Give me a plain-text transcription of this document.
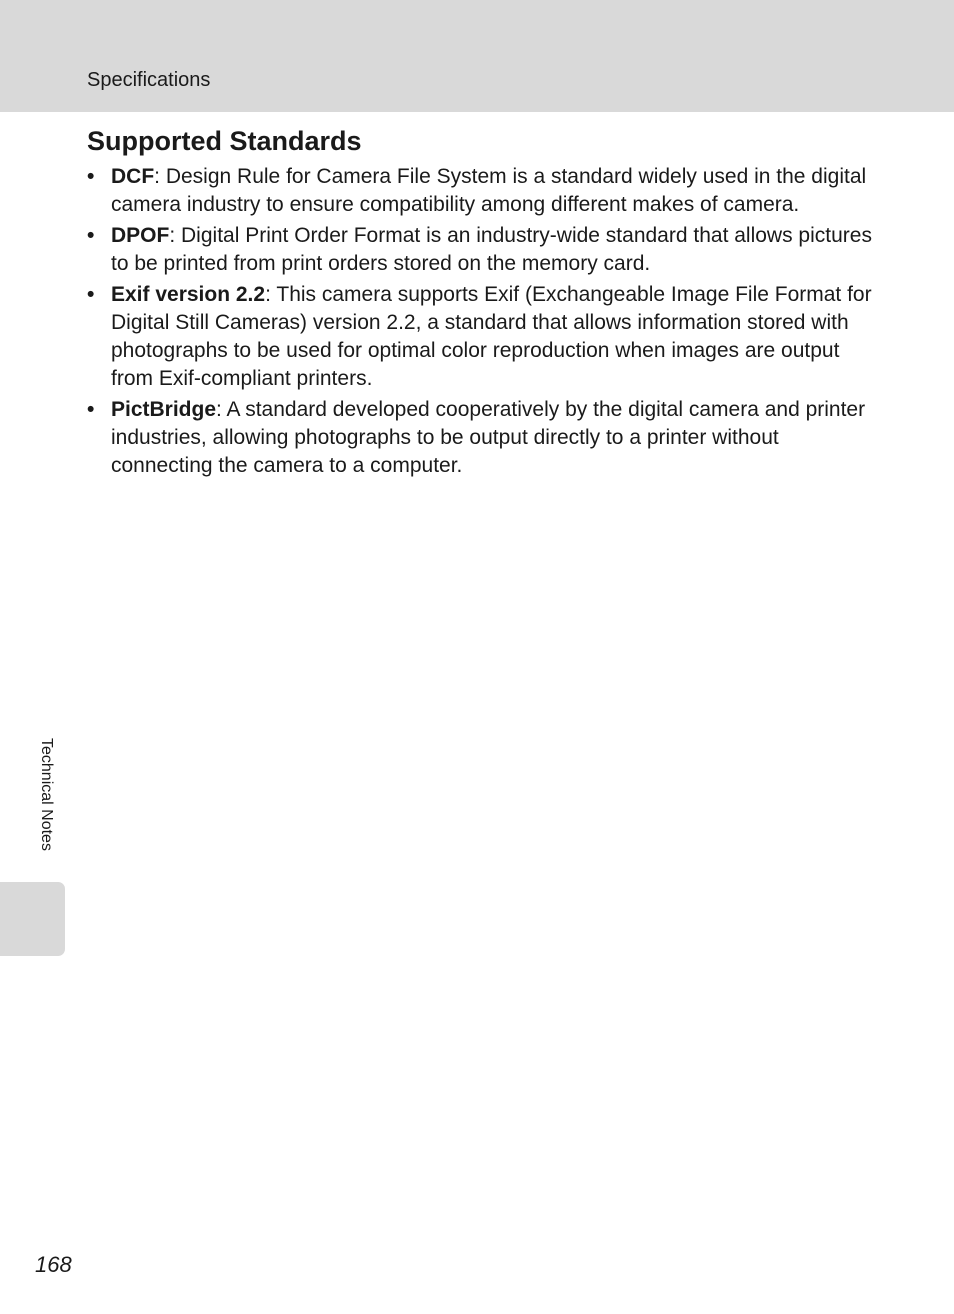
Specifications
Supported Standards
• DCF: Design Rule for Camera File System is a standard widely used in the digital camera industry to ensure compatibility among different makes of camera.
• DPOF: Digital Print Order Format is an industry-wide standard that allows pictures to be printed from print orders stored on the memory card.
• Exif version 2.2: This camera supports Exif (Exchangeable Image File Format for Digital Still Cameras) version 2.2, a standard that allows information stored with photographs to be used for optimal color reproduction when images are output from Exif-compliant printers.
• PictBridge: A standard developed cooperatively by the digital camera and printer industries, allowing photographs to be output directly to a printer without connecting the camera to a computer.
Technical Notes
168
